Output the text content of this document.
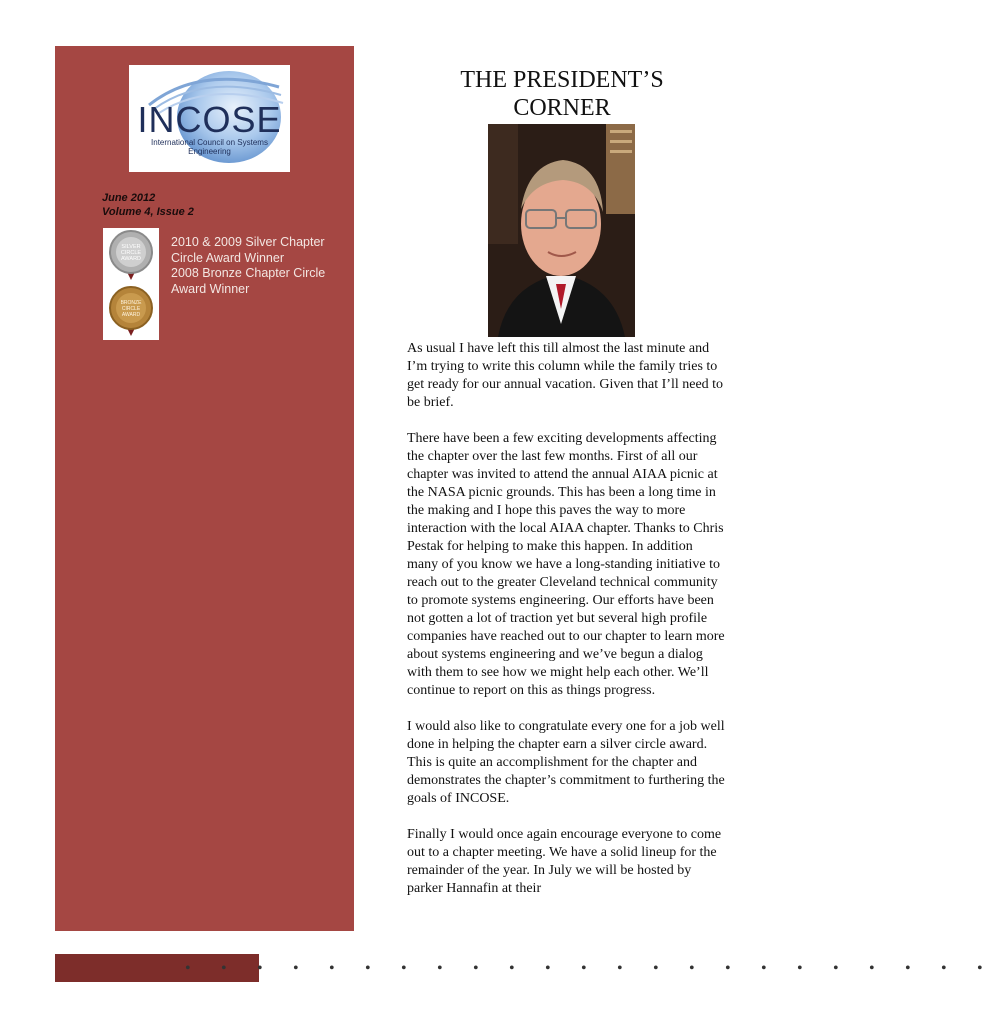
INCOSE
International Council on Systems Engineering
June 2012
Volume 4, Issue 2
SILVER
CIRCLE
AWARD
BRONZE
CIRCLE
AWARD
2010 & 2009 Silver Chapter Circle Award Winner
2008 Bronze Chapter Circle Award Winner
THE PRESIDENT’S
CORNER

As usual I have left this till almost the last minute and I’m trying to write this column while the family tries to get ready for our annual vacation. Given that I’ll need to be brief.

There have been a few exciting developments affecting the chapter over the last few months. First of all our chapter was invited to attend the annual AIAA picnic at the NASA picnic grounds. This has been a long time in the making and I hope this paves the way to more interaction with the local AIAA chapter. Thanks to Chris Pestak for helping to make this happen. In addition many of you know we have a long-standing initiative to reach out to the greater Cleveland technical community to promote systems engineering. Our efforts have been not gotten a lot of traction yet but several high profile companies have reached out to our chapter to learn more about systems engineering and we’ve begun a dialog with them to see how we might help each other. We’ll continue to report on this as things progress.

I would also like to congratulate every one for a job well done in helping the chapter earn a silver circle award. This is quite an accomplishment for the chapter and demonstrates the chapter’s commitment to furthering the goals of INCOSE.

Finally I would once again encourage everyone to come out to a chapter meeting. We have a solid lineup for the remainder of the year. In July we will be hosted by parker Hannafin at their

• • • • • • • • • • • • • • • • • • • • • • •
